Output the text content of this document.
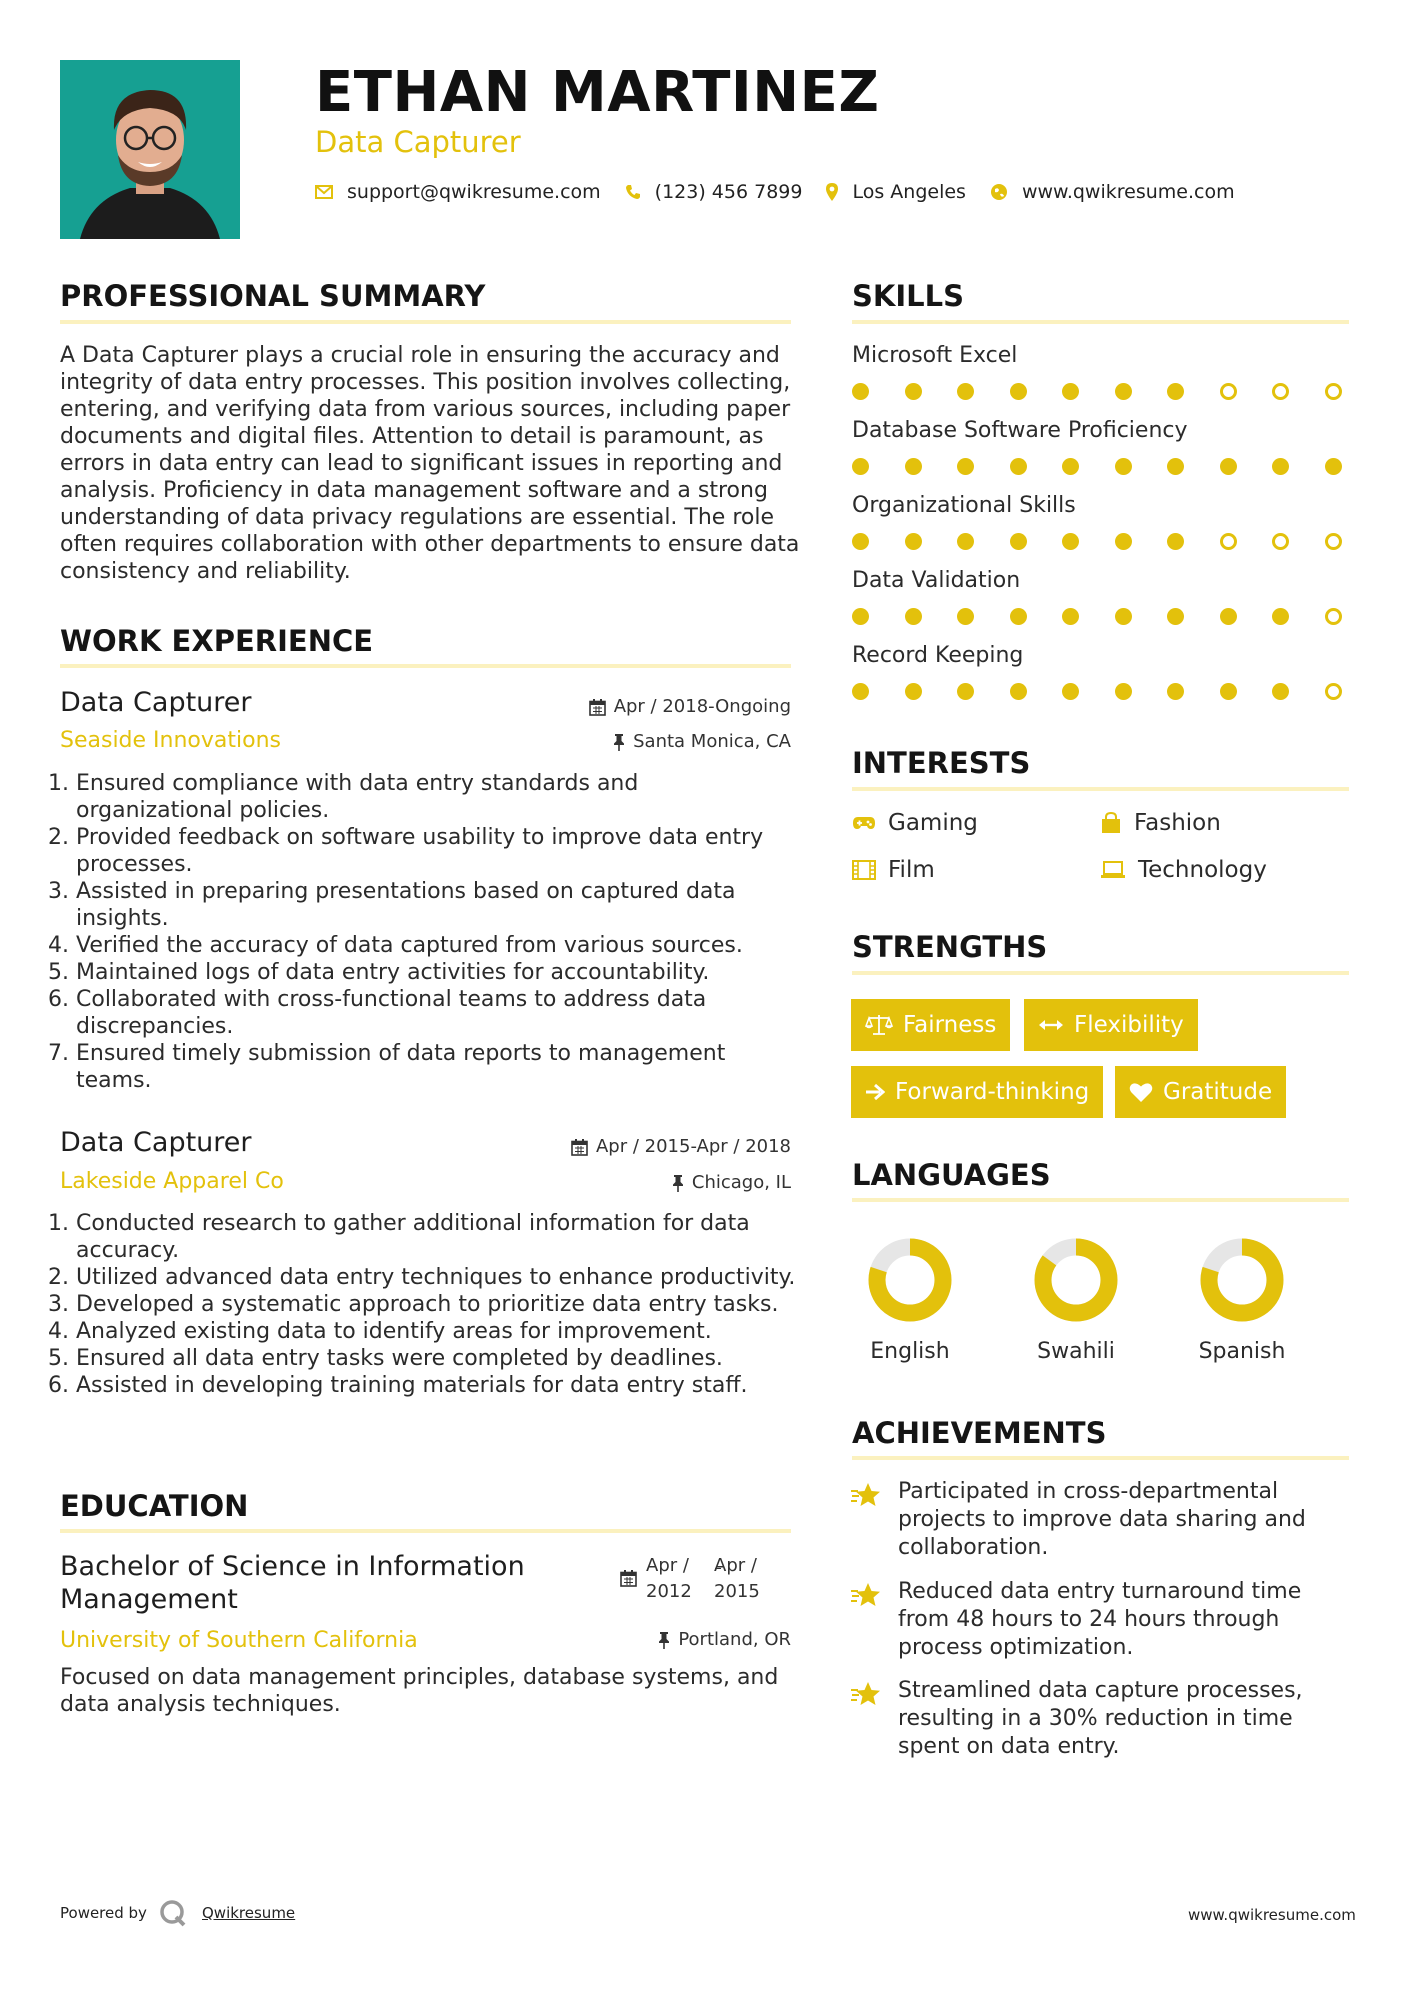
ETHAN MARTINEZ
Data Capturer
support@qwikresume.com	(123) 456 7899	Los Angeles	www.qwikresume.com
PROFESSIONAL SUMMARY
A Data Capturer plays a crucial role in ensuring the accuracy and integrity of data entry processes. This position involves collecting, entering, and verifying data from various sources, including paper documents and digital files. Attention to detail is paramount, as errors in data entry can lead to significant issues in reporting and analysis. Proficiency in data management software and a strong understanding of data privacy regulations are essential. The role often requires collaboration with other departments to ensure data consistency and reliability.
WORK EXPERIENCE
Data Capturer	Apr / 2018-Ongoing
Seaside Innovations	Santa Monica, CA
1. Ensured compliance with data entry standards and organizational policies.
2. Provided feedback on software usability to improve data entry processes.
3. Assisted in preparing presentations based on captured data insights.
4. Verified the accuracy of data captured from various sources.
5. Maintained logs of data entry activities for accountability.
6. Collaborated with cross-functional teams to address data discrepancies.
7. Ensured timely submission of data reports to management teams.
Data Capturer	Apr / 2015-Apr / 2018
Lakeside Apparel Co	Chicago, IL
1. Conducted research to gather additional information for data accuracy.
2. Utilized advanced data entry techniques to enhance productivity.
3. Developed a systematic approach to prioritize data entry tasks.
4. Analyzed existing data to identify areas for improvement.
5. Ensured all data entry tasks were completed by deadlines.
6. Assisted in developing training materials for data entry staff.
EDUCATION
Bachelor of Science in Information Management
Apr /
2012
Apr /
2015
University of Southern California	Portland, OR
Focused on data management principles, database systems, and data analysis techniques.
SKILLS
Microsoft Excel
Database Software Proficiency
Organizational Skills
Data Validation
Record Keeping
INTERESTS
Gaming	Fashion
Film	Technology
STRENGTHS
Fairness	Flexibility
Forward-thinking	Gratitude
LANGUAGES
English	Swahili	Spanish
ACHIEVEMENTS
Participated in cross-departmental projects to improve data sharing and collaboration.
Reduced data entry turnaround time from 48 hours to 24 hours through process optimization.
Streamlined data capture processes, resulting in a 30% reduction in time spent on data entry.
Powered by	Qwikresume	www.qwikresume.com
